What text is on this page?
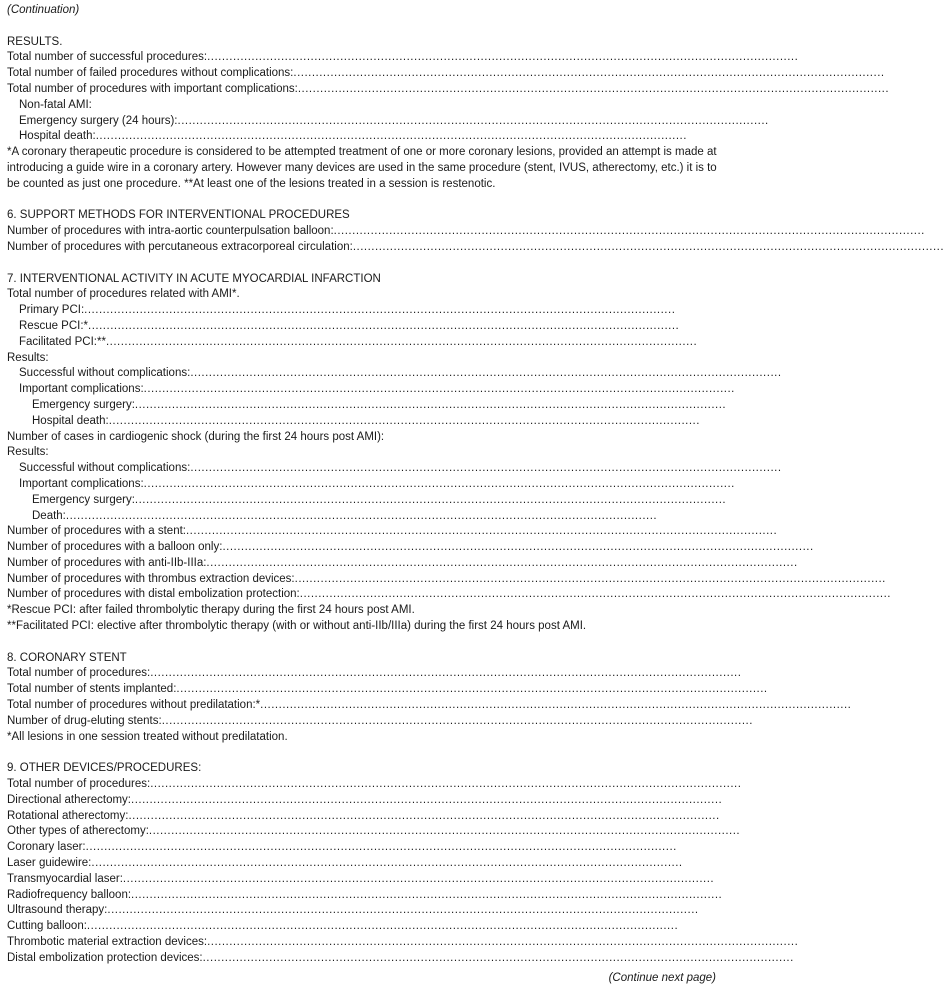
(Continuation)
RESULTS.
Total number of successful procedures: ................................................................................................................................................................
Total number of failed procedures without complications: ................................................................................................................................................................
Total number of procedures with important complications: ................................................................................................................................................................
Non-fatal AMI:
Emergency surgery (24 hours): ................................................................................................................................................................
Hospital death: ................................................................................................................................................................
*A coronary therapeutic procedure is considered to be attempted treatment of one or more coronary lesions, provided an attempt is made at introducing a guide wire in a coronary artery. However many devices are used in the same procedure (stent, IVUS, atherectomy, etc.) it is to be counted as just one procedure. **At least one of the lesions treated in a session is restenotic.
6. SUPPORT METHODS FOR INTERVENTIONAL PROCEDURES
Number of procedures with intra-aortic counterpulsation balloon: ................................................................................................................................................................
Number of procedures with percutaneous extracorporeal circulation: ................................................................................................................................................................
7. INTERVENTIONAL ACTIVITY IN ACUTE MYOCARDIAL INFARCTION
Total number of procedures related with AMI*.
Primary PCI: ................................................................................................................................................................
Rescue PCI:* ................................................................................................................................................................
Facilitated PCI:** ................................................................................................................................................................
Results:
Successful without complications: ................................................................................................................................................................
Important complications: ................................................................................................................................................................
Emergency surgery: ................................................................................................................................................................
Hospital death: ................................................................................................................................................................
Number of cases in cardiogenic shock (during the first 24 hours post AMI):
Results:
Successful without complications: ................................................................................................................................................................
Important complications: ................................................................................................................................................................
Emergency surgery: ................................................................................................................................................................
Death: ................................................................................................................................................................
Number of procedures with a stent: ................................................................................................................................................................
Number of procedures with a balloon only: ................................................................................................................................................................
Number of procedures with anti-IIb-IIIa: ................................................................................................................................................................
Number of procedures with thrombus extraction devices: ................................................................................................................................................................
Number of procedures with distal embolization protection: ................................................................................................................................................................
*Rescue PCI: after failed thrombolytic therapy during the first 24 hours post AMI.
**Facilitated PCI: elective after thrombolytic therapy (with or without anti-IIb/IIIa) during the first 24 hours post AMI.
8. CORONARY STENT
Total number of procedures: ................................................................................................................................................................
Total number of stents implanted: ................................................................................................................................................................
Total number of procedures without predilatation:* ................................................................................................................................................................
Number of drug-eluting stents: ................................................................................................................................................................
*All lesions in one session treated without predilatation.
9. OTHER DEVICES/PROCEDURES:
Total number of procedures: ................................................................................................................................................................
Directional atherectomy: ................................................................................................................................................................
Rotational atherectomy: ................................................................................................................................................................
Other types of atherectomy: ................................................................................................................................................................
Coronary laser: ................................................................................................................................................................
Laser guidewire: ................................................................................................................................................................
Transmyocardial laser: ................................................................................................................................................................
Radiofrequency balloon: ................................................................................................................................................................
Ultrasound therapy: ................................................................................................................................................................
Cutting balloon: ................................................................................................................................................................
Thrombotic material extraction devices: ................................................................................................................................................................
Distal embolization protection devices: ................................................................................................................................................................
(Continue next page)
